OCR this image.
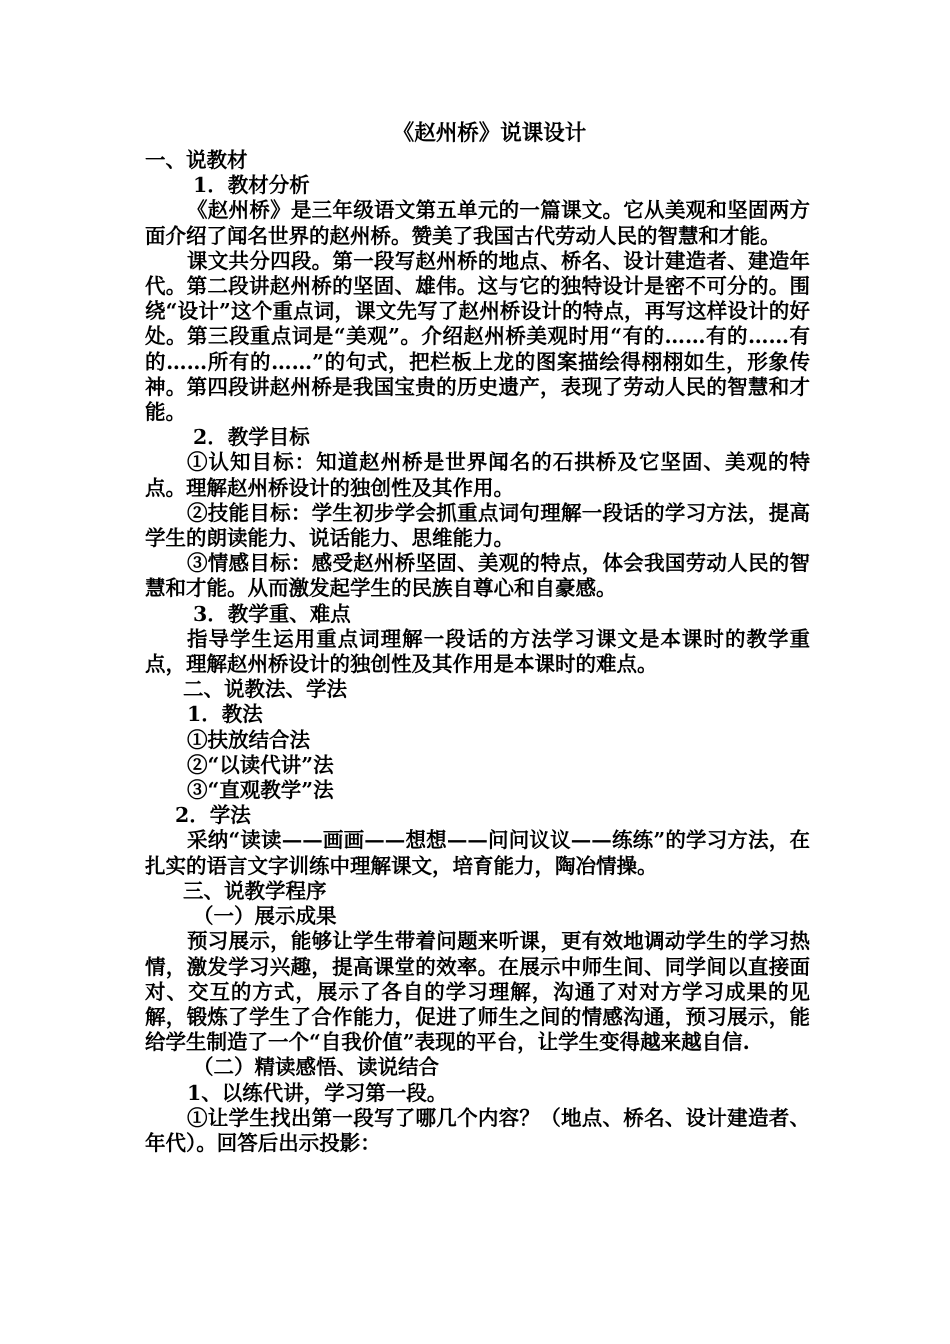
《赵州桥》说课设计

一、说教材

1．教材分析

《赵州桥》是三年级语文第五单元的一篇课文。它从美观和坚固两方面介绍了闻名世界的赵州桥。赞美了我国古代劳动人民的智慧和才能。

课文共分四段。第一段写赵州桥的地点、桥名、设计建造者、建造年代。第二段讲赵州桥的坚固、雄伟。这与它的独特设计是密不可分的。围绕“设计”这个重点词，课文先写了赵州桥设计的特点，再写这样设计的好处。第三段重点词是“美观”。介绍赵州桥美观时用“有的……有的……有的……所有的……”的句式，把栏板上龙的图案描绘得栩栩如生，形象传神。第四段讲赵州桥是我国宝贵的历史遗产，表现了劳动人民的智慧和才能。

2．教学目标

①认知目标：知道赵州桥是世界闻名的石拱桥及它坚固、美观的特点。理解赵州桥设计的独创性及其作用。

②技能目标：学生初步学会抓重点词句理解一段话的学习方法，提高学生的朗读能力、说话能力、思维能力。

③情感目标：感受赵州桥坚固、美观的特点，体会我国劳动人民的智慧和才能。从而激发起学生的民族自尊心和自豪感。

3．教学重、难点

指导学生运用重点词理解一段话的方法学习课文是本课时的教学重点，理解赵州桥设计的独创性及其作用是本课时的难点。

二、说教法、学法

1．教法

①扶放结合法

②“以读代讲”法

③“直观教学”法

2．学法

采纳“读读——画画——想想——问问议议——练练”的学习方法，在扎实的语言文字训练中理解课文，培育能力，陶冶情操。

三、说教学程序

（一）展示成果

预习展示，能够让学生带着问题来听课，更有效地调动学生的学习热情，激发学习兴趣，提高课堂的效率。在展示中师生间、同学间以直接面对、交互的方式，展示了各自的学习理解，沟通了对对方学习成果的见解，锻炼了学生了合作能力，促进了师生之间的情感沟通，预习展示，能给学生制造了一个“自我价值”表现的平台，让学生变得越来越自信.

（二）精读感悟、读说结合

1、以练代讲，学习第一段。

①让学生找出第一段写了哪几个内容？（地点、桥名、设计建造者、年代）。回答后出示投影：
